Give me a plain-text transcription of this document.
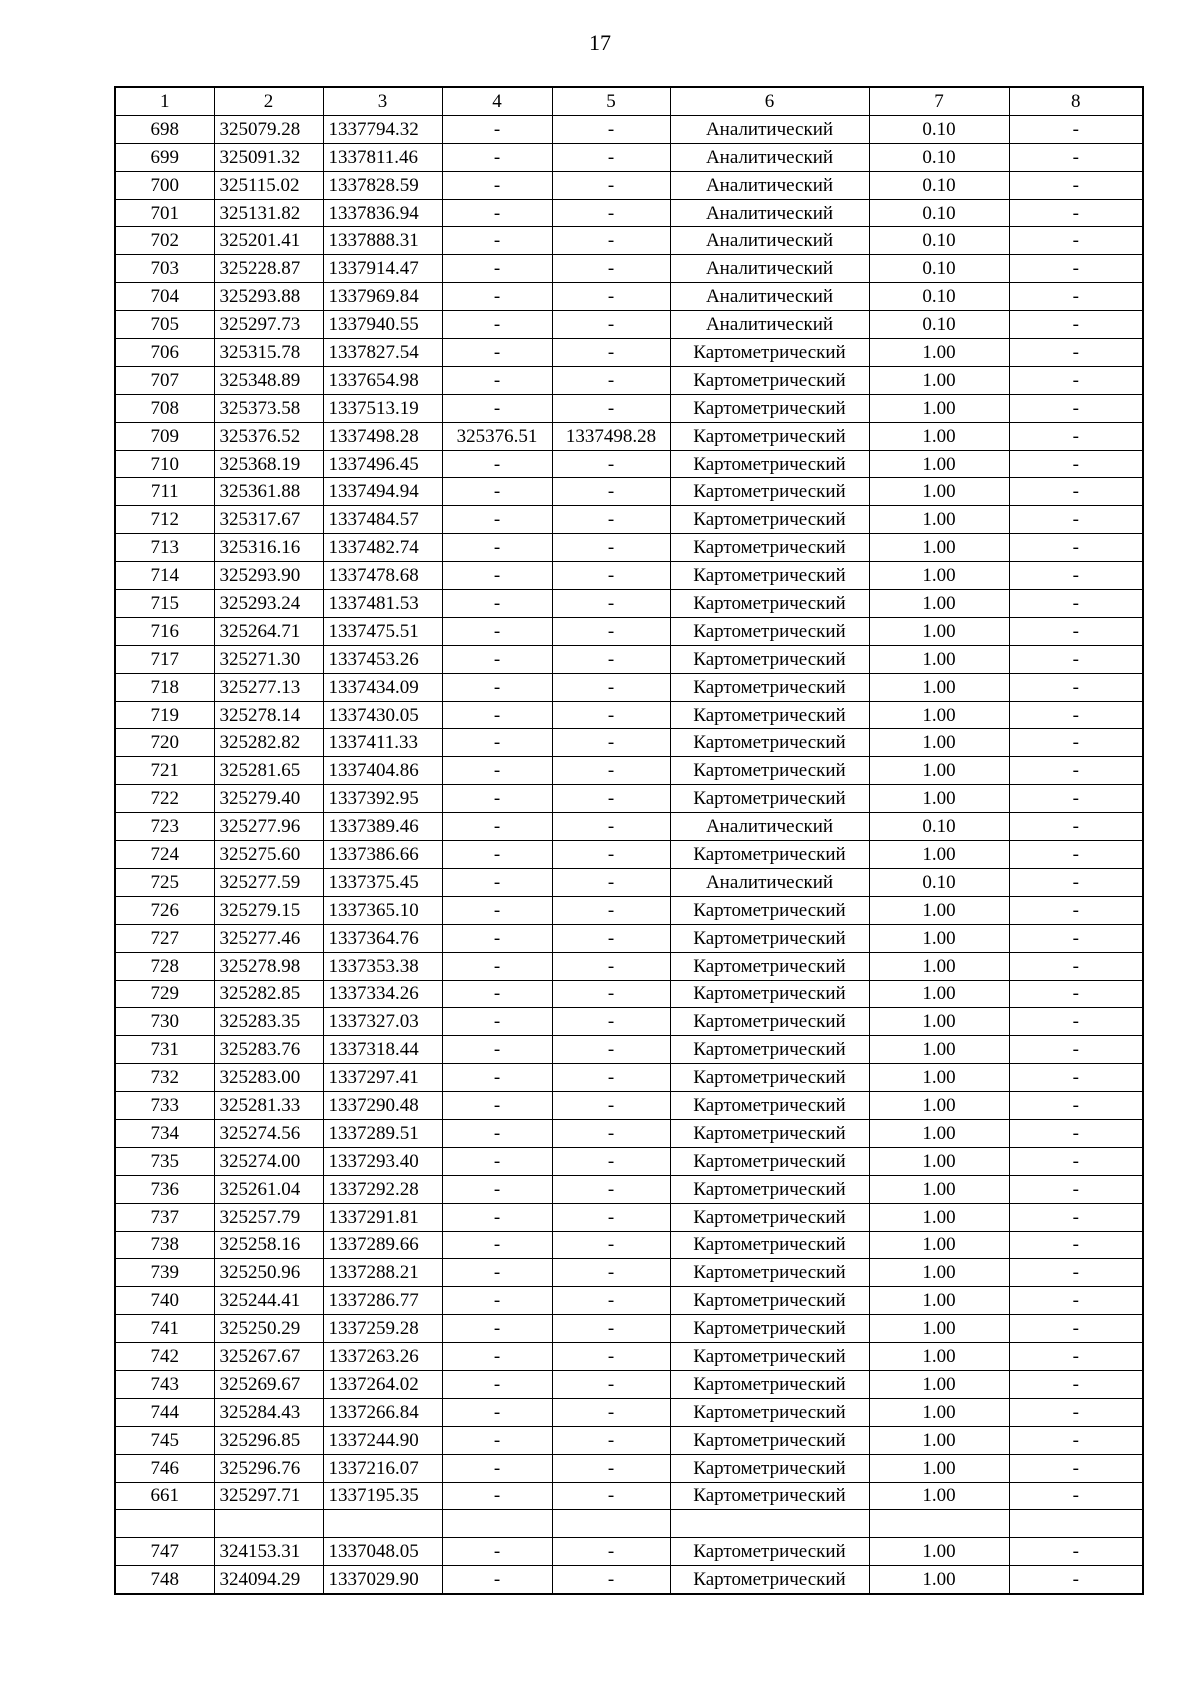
17
1	2	3	4	5	6	7	8
698	325079.28	1337794.32	-	-	Аналитический	0.10	-
699	325091.32	1337811.46	-	-	Аналитический	0.10	-
700	325115.02	1337828.59	-	-	Аналитический	0.10	-
701	325131.82	1337836.94	-	-	Аналитический	0.10	-
702	325201.41	1337888.31	-	-	Аналитический	0.10	-
703	325228.87	1337914.47	-	-	Аналитический	0.10	-
704	325293.88	1337969.84	-	-	Аналитический	0.10	-
705	325297.73	1337940.55	-	-	Аналитический	0.10	-
706	325315.78	1337827.54	-	-	Картометрический	1.00	-
707	325348.89	1337654.98	-	-	Картометрический	1.00	-
708	325373.58	1337513.19	-	-	Картометрический	1.00	-
709	325376.52	1337498.28	325376.51	1337498.28	Картометрический	1.00	-
710	325368.19	1337496.45	-	-	Картометрический	1.00	-
711	325361.88	1337494.94	-	-	Картометрический	1.00	-
712	325317.67	1337484.57	-	-	Картометрический	1.00	-
713	325316.16	1337482.74	-	-	Картометрический	1.00	-
714	325293.90	1337478.68	-	-	Картометрический	1.00	-
715	325293.24	1337481.53	-	-	Картометрический	1.00	-
716	325264.71	1337475.51	-	-	Картометрический	1.00	-
717	325271.30	1337453.26	-	-	Картометрический	1.00	-
718	325277.13	1337434.09	-	-	Картометрический	1.00	-
719	325278.14	1337430.05	-	-	Картометрический	1.00	-
720	325282.82	1337411.33	-	-	Картометрический	1.00	-
721	325281.65	1337404.86	-	-	Картометрический	1.00	-
722	325279.40	1337392.95	-	-	Картометрический	1.00	-
723	325277.96	1337389.46	-	-	Аналитический	0.10	-
724	325275.60	1337386.66	-	-	Картометрический	1.00	-
725	325277.59	1337375.45	-	-	Аналитический	0.10	-
726	325279.15	1337365.10	-	-	Картометрический	1.00	-
727	325277.46	1337364.76	-	-	Картометрический	1.00	-
728	325278.98	1337353.38	-	-	Картометрический	1.00	-
729	325282.85	1337334.26	-	-	Картометрический	1.00	-
730	325283.35	1337327.03	-	-	Картометрический	1.00	-
731	325283.76	1337318.44	-	-	Картометрический	1.00	-
732	325283.00	1337297.41	-	-	Картометрический	1.00	-
733	325281.33	1337290.48	-	-	Картометрический	1.00	-
734	325274.56	1337289.51	-	-	Картометрический	1.00	-
735	325274.00	1337293.40	-	-	Картометрический	1.00	-
736	325261.04	1337292.28	-	-	Картометрический	1.00	-
737	325257.79	1337291.81	-	-	Картометрический	1.00	-
738	325258.16	1337289.66	-	-	Картометрический	1.00	-
739	325250.96	1337288.21	-	-	Картометрический	1.00	-
740	325244.41	1337286.77	-	-	Картометрический	1.00	-
741	325250.29	1337259.28	-	-	Картометрический	1.00	-
742	325267.67	1337263.26	-	-	Картометрический	1.00	-
743	325269.67	1337264.02	-	-	Картометрический	1.00	-
744	325284.43	1337266.84	-	-	Картометрический	1.00	-
745	325296.85	1337244.90	-	-	Картометрический	1.00	-
746	325296.76	1337216.07	-	-	Картометрический	1.00	-
661	325297.71	1337195.35	-	-	Картометрический	1.00	-

747	324153.31	1337048.05	-	-	Картометрический	1.00	-
748	324094.29	1337029.90	-	-	Картометрический	1.00	-
